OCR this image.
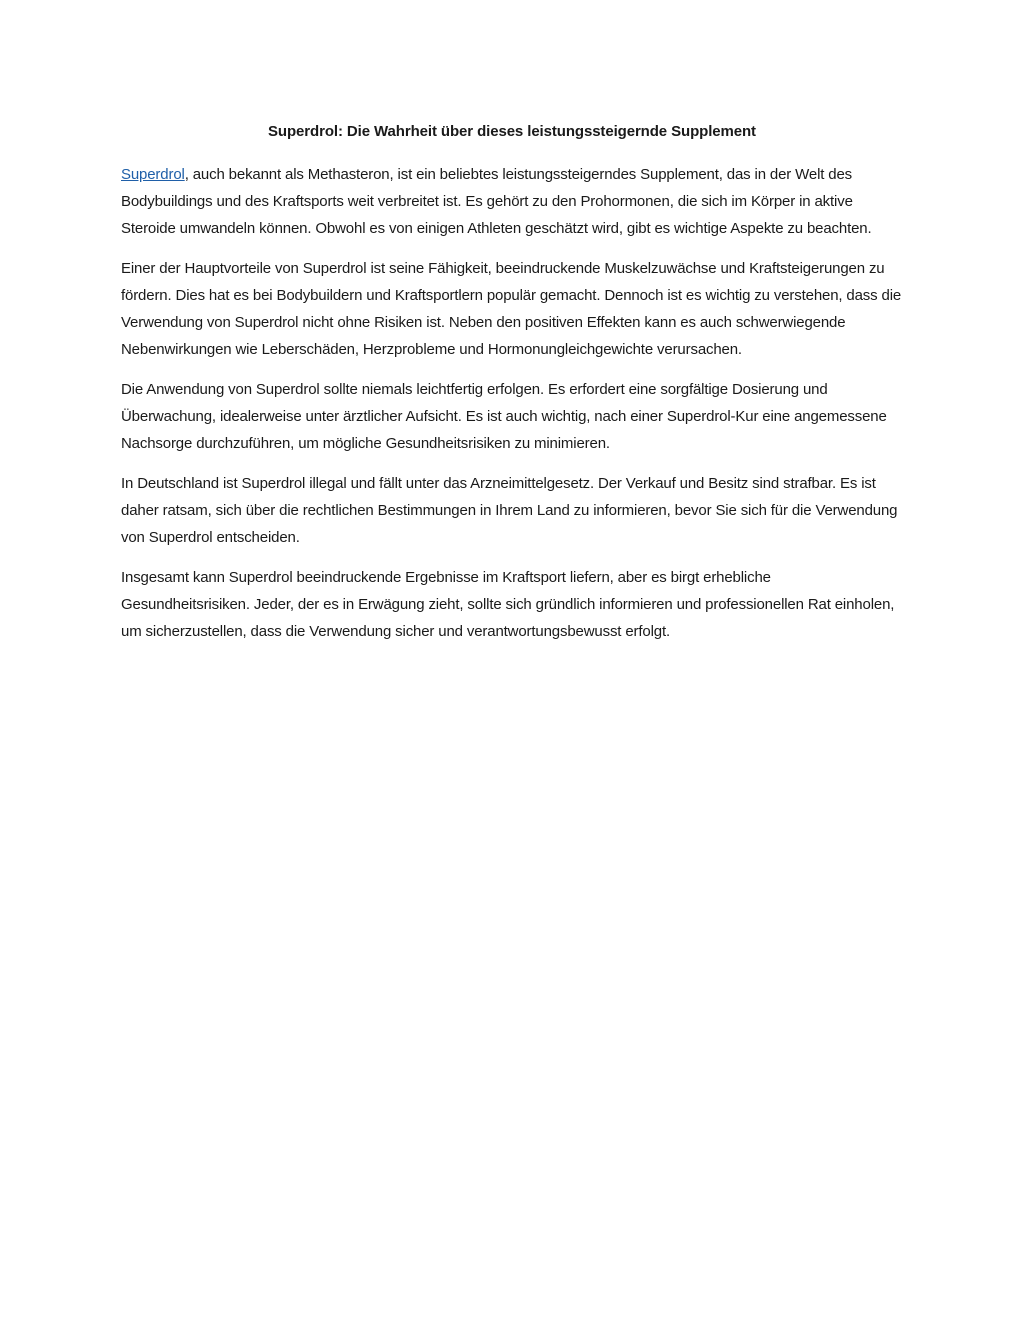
Superdrol: Die Wahrheit über dieses leistungssteigernde Supplement

Superdrol, auch bekannt als Methasteron, ist ein beliebtes leistungssteigerndes Supplement, das in der Welt des Bodybuildings und des Kraftsports weit verbreitet ist. Es gehört zu den Prohormonen, die sich im Körper in aktive Steroide umwandeln können. Obwohl es von einigen Athleten geschätzt wird, gibt es wichtige Aspekte zu beachten.

Einer der Hauptvorteile von Superdrol ist seine Fähigkeit, beeindruckende Muskelzuwächse und Kraftsteigerungen zu fördern. Dies hat es bei Bodybuildern und Kraftsportlern populär gemacht. Dennoch ist es wichtig zu verstehen, dass die Verwendung von Superdrol nicht ohne Risiken ist. Neben den positiven Effekten kann es auch schwerwiegende Nebenwirkungen wie Leberschäden, Herzprobleme und Hormonungleichgewichte verursachen.

Die Anwendung von Superdrol sollte niemals leichtfertig erfolgen. Es erfordert eine sorgfältige Dosierung und Überwachung, idealerweise unter ärztlicher Aufsicht. Es ist auch wichtig, nach einer Superdrol-Kur eine angemessene Nachsorge durchzuführen, um mögliche Gesundheitsrisiken zu minimieren.

In Deutschland ist Superdrol illegal und fällt unter das Arzneimittelgesetz. Der Verkauf und Besitz sind strafbar. Es ist daher ratsam, sich über die rechtlichen Bestimmungen in Ihrem Land zu informieren, bevor Sie sich für die Verwendung von Superdrol entscheiden.

Insgesamt kann Superdrol beeindruckende Ergebnisse im Kraftsport liefern, aber es birgt erhebliche Gesundheitsrisiken. Jeder, der es in Erwägung zieht, sollte sich gründlich informieren und professionellen Rat einholen, um sicherzustellen, dass die Verwendung sicher und verantwortungsbewusst erfolgt.
